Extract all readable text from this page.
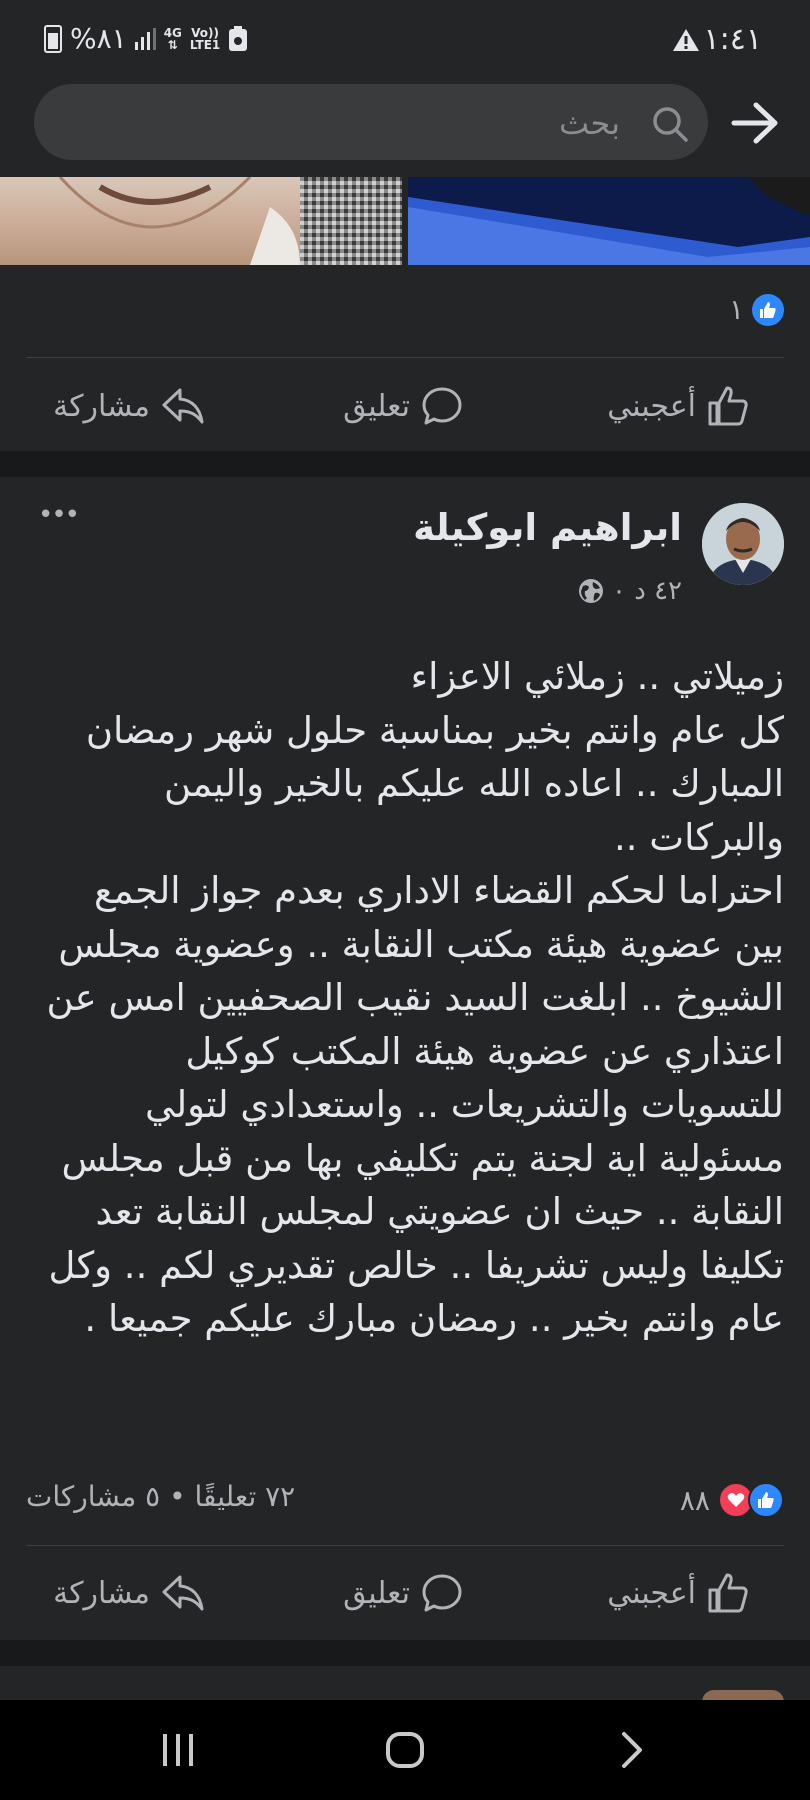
%٨١	4G
⇅
Vo))
LTE1	١:٤١
بحث
١
أعجبني
تعليق
مشاركة
ابراهيم ابوكيلة
٤٢ د ٠
•••
زميلاتي .. زملائي الاعزاء
كل عام وانتم بخير بمناسبة حلول شهر رمضان
المبارك .. اعاده الله عليكم بالخير واليمن
والبركات ..
احتراما لحكم القضاء الاداري بعدم جواز الجمع
بين عضوية هيئة مكتب النقابة .. وعضوية مجلس
الشيوخ .. ابلغت السيد نقيب الصحفيين امس عن
اعتذاري عن عضوية هيئة المكتب كوكيل
للتسويات والتشريعات .. واستعدادي لتولي
مسئولية اية لجنة يتم تكليفي بها من قبل مجلس
النقابة .. حيث ان عضويتي لمجلس النقابة تعد
تكليفا وليس تشريفا .. خالص تقديري لكم .. وكل
عام وانتم بخير .. رمضان مبارك عليكم جميعا .
٨٨
٧٢ تعليقًا • ٥ مشاركات
أعجبني
تعليق
مشاركة
